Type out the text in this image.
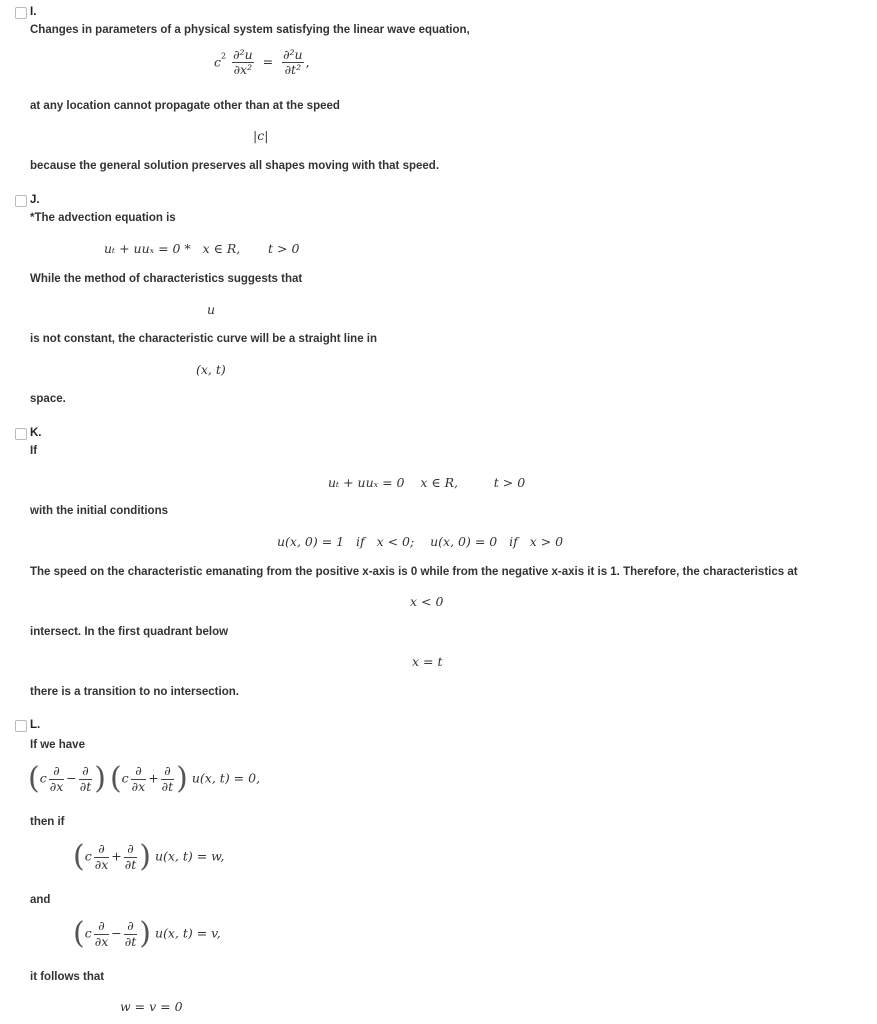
I.
Changes in parameters of a physical system satisfying the linear wave equation,
$c^2 \frac{\text{∂²u}}{\text{∂x²}} = \frac{\text{∂²u}}{\text{∂t²}}$ ,
at any location cannot propagate other than at the speed
|c|
because the general solution preserves all shapes moving with that speed.
J.
*The advection equation is
uₜ + uuₓ = 0 *   x ∈ R,       t > 0
While the method of characteristics suggests that
u
is not constant, the characteristic curve will be a straight line in
(x, t)
space.
K.
If
uₜ + uuₓ = 0    x ∈ R,         t > 0
with the initial conditions
u(x, 0) = 1   if   x < 0;    u(x, 0) = 0   if   x > 0
The speed on the characteristic emanating from the positive x-axis is 0 while from the negative x-axis it is 1. Therefore, the characteristics at
x < 0
intersect. In the first quadrant below
x = t
there is a transition to no intersection.
L.
If we have
($c \frac{\partial}{\partial x} - \frac{\partial}{\partial t}$ ) ($c \frac{\partial}{\partial x} + \frac{\partial}{\partial t}$ ) u(x, t) = 0,
then if
($c \frac{\partial}{\partial x} + \frac{\partial}{\partial t}$ ) u(x, t) = w,
and
($c \frac{\partial}{\partial x} - \frac{\partial}{\partial t}$ ) u(x, t) = v,
it follows that
w = v = 0
